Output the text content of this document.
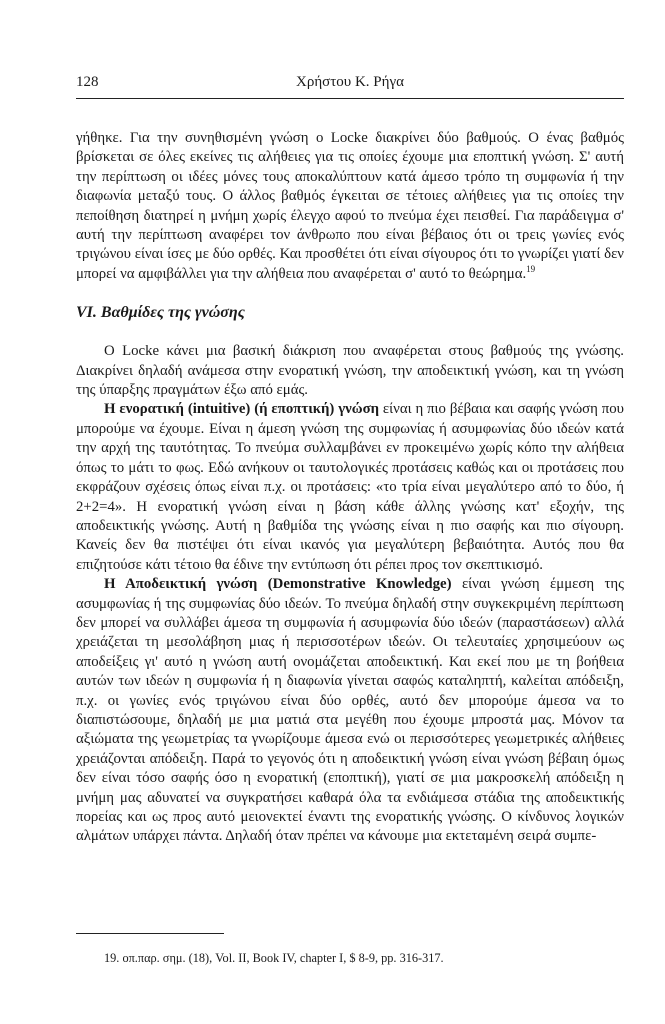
128	Χρήστου Κ. Ρήγα

γήθηκε. Για την συνηθισμένη γνώση ο Locke διακρίνει δύο βαθμούς. Ο ένας βαθμός βρίσκεται σε όλες εκείνες τις αλήθειες για τις οποίες έχουμε μια εποπτική γνώση. Σ' αυτή την περίπτωση οι ιδέες μόνες τους αποκαλύπτουν κατά άμεσο τρόπο τη συμφωνία ή την διαφωνία μεταξύ τους. Ο άλλος βαθμός έγκειται σε τέτοιες αλήθειες για τις οποίες την πεποίθηση διατηρεί η μνήμη χωρίς έλεγχο αφού το πνεύμα έχει πεισθεί. Για παράδειγμα σ' αυτή την περίπτωση αναφέρει τον άνθρωπο που είναι βέβαιος ότι οι τρεις γωνίες ενός τριγώνου είναι ίσες με δύο ορθές. Και προσθέτει ότι είναι σίγουρος ότι το γνωρίζει γιατί δεν μπορεί να αμφιβάλλει για την αλήθεια που αναφέρεται σ' αυτό το θεώρημα.$^{19}$

VI. Βαθμίδες της γνώσης

Ο Locke κάνει μια βασική διάκριση που αναφέρεται στους βαθμούς της γνώσης. Διακρίνει δηλαδή ανάμεσα στην ενορατική γνώση, την αποδεικτική γνώση, και τη γνώση της ύπαρξης πραγμάτων έξω από εμάς.

Η ενορατική (intuitive) (ή εποπτική) γνώση είναι η πιο βέβαια και σαφής γνώση που μπορούμε να έχουμε. Είναι η άμεση γνώση της συμφωνίας ή ασυμφωνίας δύο ιδεών κατά την αρχή της ταυτότητας. Το πνεύμα συλλαμβάνει εν προκειμένω χωρίς κόπο την αλήθεια όπως το μάτι το φως. Εδώ ανήκουν οι ταυτολογικές προτάσεις καθώς και οι προτάσεις που εκφράζουν σχέσεις όπως είναι π.χ. οι προτάσεις: «το τρία είναι μεγαλύτερο από το δύο, ή 2+2=4». Η ενορατική γνώση είναι η βάση κάθε άλλης γνώσης κατ' εξοχήν, της αποδεικτικής γνώσης. Αυτή η βαθμίδα της γνώσης είναι η πιο σαφής και πιο σίγουρη. Κανείς δεν θα πιστέψει ότι είναι ικανός για μεγαλύτερη βεβαιότητα. Αυτός που θα επιζητούσε κάτι τέτοιο θα έδινε την εντύπωση ότι ρέπει προς τον σκεπτικισμό.

Η Αποδεικτική γνώση (Demonstrative Knowledge) είναι γνώση έμμεση της ασυμφωνίας ή της συμφωνίας δύο ιδεών. Το πνεύμα δηλαδή στην συγκεκριμένη περίπτωση δεν μπορεί να συλλάβει άμεσα τη συμφωνία ή ασυμφωνία δύο ιδεών (παραστάσεων) αλλά χρειάζεται τη μεσολάβηση μιας ή περισσοτέρων ιδεών. Οι τελευταίες χρησιμεύουν ως αποδείξεις γι' αυτό η γνώση αυτή ονομάζεται αποδεικτική. Και εκεί που με τη βοήθεια αυτών των ιδεών η συμφωνία ή η διαφωνία γίνεται σαφώς καταληπτή, καλείται απόδειξη, π.χ. οι γωνίες ενός τριγώνου είναι δύο ορθές, αυτό δεν μπορούμε άμεσα να το διαπιστώσουμε, δηλαδή με μια ματιά στα μεγέθη που έχουμε μπροστά μας. Μόνον τα αξιώματα της γεωμετρίας τα γνωρίζουμε άμεσα ενώ οι περισσότερες γεωμετρικές αλήθειες χρειάζονται απόδειξη. Παρά το γεγονός ότι η αποδεικτική γνώση είναι γνώση βέβαιη όμως δεν είναι τόσο σαφής όσο η ενορατική (εποπτική), γιατί σε μια μακροσκελή απόδειξη η μνήμη μας αδυνατεί να συγκρατήσει καθαρά όλα τα ενδιάμεσα στάδια της αποδεικτικής πορείας και ως προς αυτό μειονεκτεί έναντι της ενορατικής γνώσης. Ο κίνδυνος λογικών αλμάτων υπάρχει πάντα. Δηλαδή όταν πρέπει να κάνουμε μια εκτεταμένη σειρά συμπε-

19. οπ.παρ. σημ. (18), Vol. II, Book IV, chapter I, $ 8-9, pp. 316-317.
